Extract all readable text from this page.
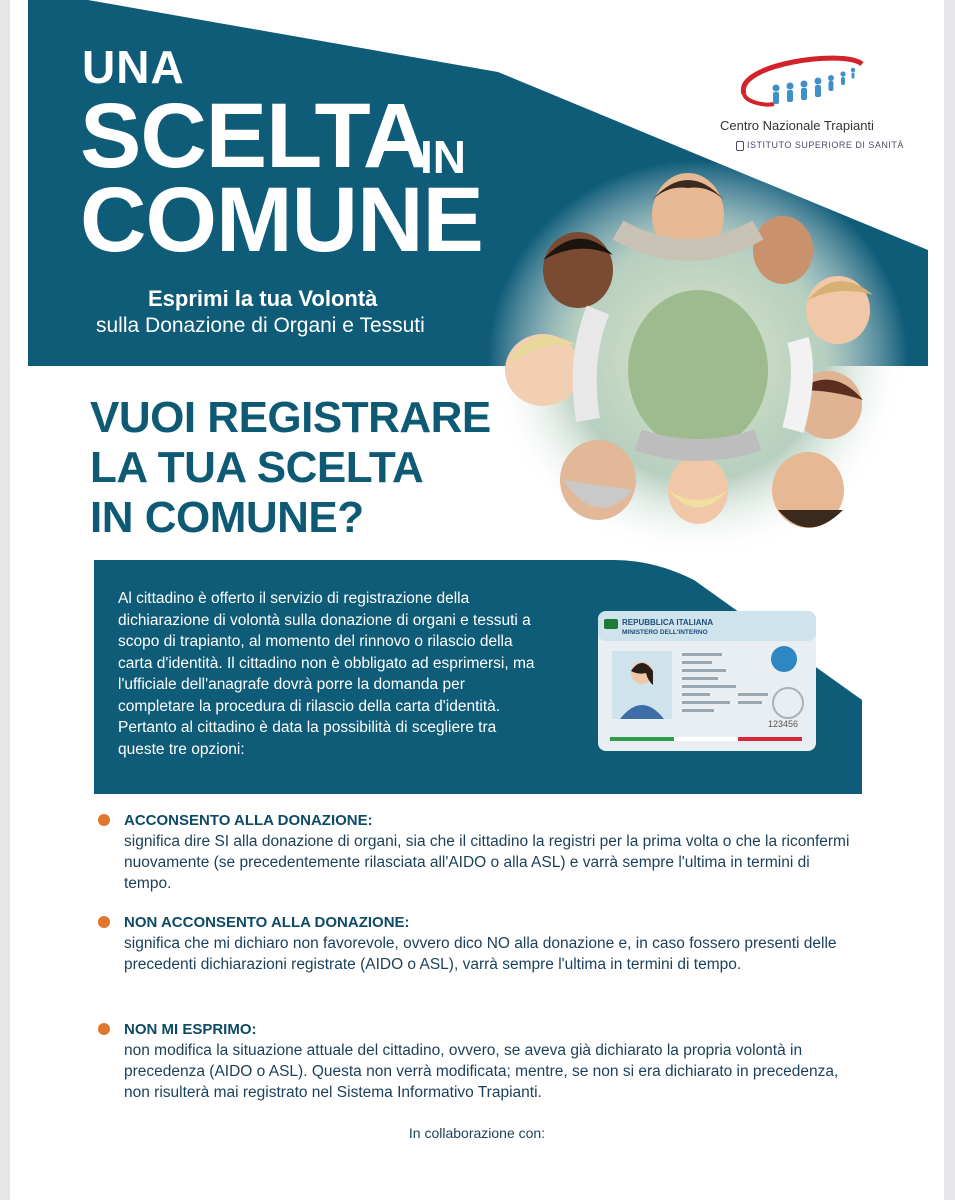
UNA
SCELTA
IN
COMUNE
Esprimi la tua Volontà
sulla Donazione di Organi e Tessuti
Centro Nazionale Trapianti
ISTITUTO SUPERIORE DI SANITÀ
VUOI REGISTRARE
LA TUA SCELTA
IN COMUNE?
Al cittadino è offerto il servizio di registrazione della dichiarazione di volontà sulla donazione di organi e tessuti a scopo di trapianto, al momento del rinnovo o rilascio della carta d'identità. Il cittadino non è obbligato ad esprimersi, ma l'ufficiale dell'anagrafe dovrà porre la domanda per completare la procedura di rilascio della carta d'identità. Pertanto al cittadino è data la possibilità di scegliere tra queste tre opzioni:
REPUBBLICA ITALIANA
MINISTERO DELL'INTERNO
123456
ACCONSENTO ALLA DONAZIONE:
significa dire SI alla donazione di organi, sia che il cittadino la registri per la prima volta o che la riconfermi nuovamente (se precedentemente rilasciata all'AIDO o alla ASL) e varrà sempre l'ultima in termini di tempo.
NON ACCONSENTO ALLA DONAZIONE:
significa che mi dichiaro non favorevole, ovvero dico NO alla donazione e, in caso fossero presenti delle precedenti dichiarazioni registrate (AIDO o ASL), varrà sempre l'ultima in termini di tempo.
NON MI ESPRIMO:
non modifica la situazione attuale del cittadino, ovvero, se aveva già dichiarato la propria volontà in precedenza (AIDO o ASL). Questa non verrà modificata; mentre, se non si era dichiarato in precedenza, non risulterà mai registrato nel Sistema Informativo Trapianti.
In collaborazione con:
